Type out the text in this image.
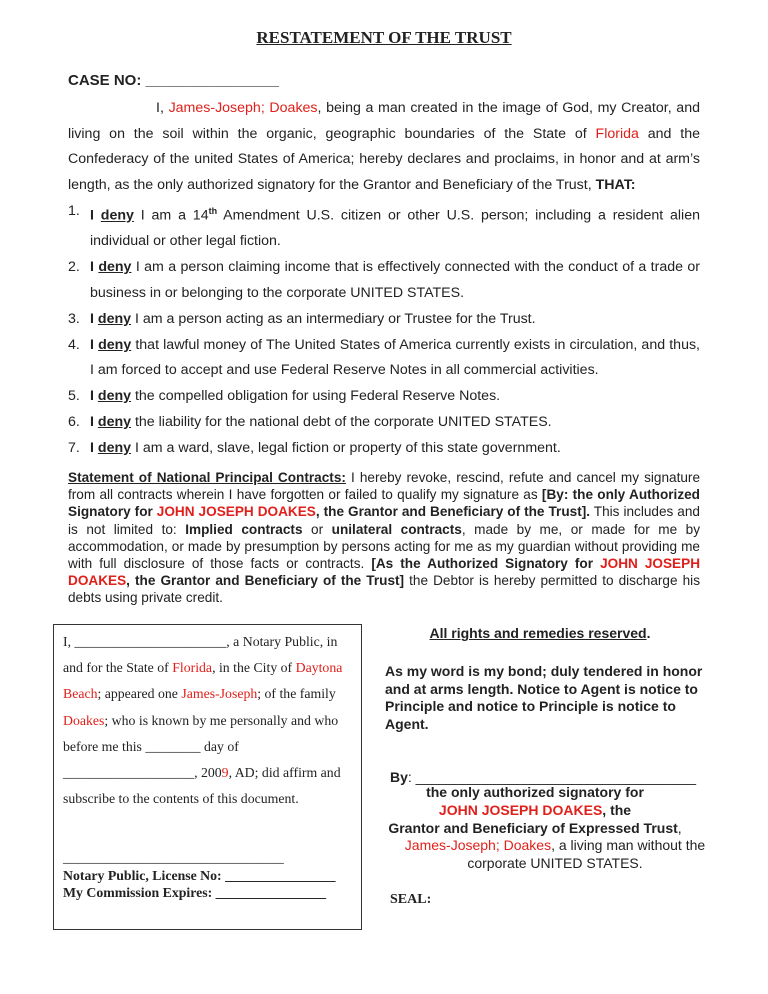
RESTATEMENT OF THE TRUST
CASE NO: ________________
I, James-Joseph; Doakes, being a man created in the image of God, my Creator, and living on the soil within the organic, geographic boundaries of the State of Florida and the Confederacy of the united States of America; hereby declares and proclaims, in honor and at arm’s length, as the only authorized signatory for the Grantor and Beneficiary of the Trust, THAT:
1. I deny I am a 14th Amendment U.S. citizen or other U.S. person; including a resident alien individual or other legal fiction.
2. I deny I am a person claiming income that is effectively connected with the conduct of a trade or business in or belonging to the corporate UNITED STATES.
3. I deny I am a person acting as an intermediary or Trustee for the Trust.
4. I deny that lawful money of The United States of America currently exists in circulation, and thus, I am forced to accept and use Federal Reserve Notes in all commercial activities.
5. I deny the compelled obligation for using Federal Reserve Notes.
6. I deny the liability for the national debt of the corporate UNITED STATES.
7. I deny I am a ward, slave, legal fiction or property of this state government.
Statement of National Principal Contracts: I hereby revoke, rescind, refute and cancel my signature from all contracts wherein I have forgotten or failed to qualify my signature as [By: the only Authorized Signatory for JOHN JOSEPH DOAKES, the Grantor and Beneficiary of the Trust]. This includes and is not limited to: Implied contracts or unilateral contracts, made by me, or made for me by accommodation, or made by presumption by persons acting for me as my guardian without providing me with full disclosure of those facts or contracts. [As the Authorized Signatory for JOHN JOSEPH DOAKES, the Grantor and Beneficiary of the Trust] the Debtor is hereby permitted to discharge his debts using private credit.
I, ______________________, a Notary Public, in and for the State of Florida, in the City of Daytona Beach; appeared one James-Joseph; of the family Doakes; who is known by me personally and who before me this ________ day of ___________________, 2009, AD; did affirm and subscribe to the contents of this document.
________________________________
Notary Public, License No: ________________
My Commission Expires: ________________
All rights and remedies reserved.
As my word is my bond; duly tendered in honor and at arms length. Notice to Agent is notice to Principle and notice to Principle is notice to Agent.
By: ____________________________________
the only authorized signatory for
JOHN JOSEPH DOAKES, the
Grantor and Beneficiary of Expressed Trust,
James-Joseph; Doakes, a living man without the corporate UNITED STATES.
SEAL:
